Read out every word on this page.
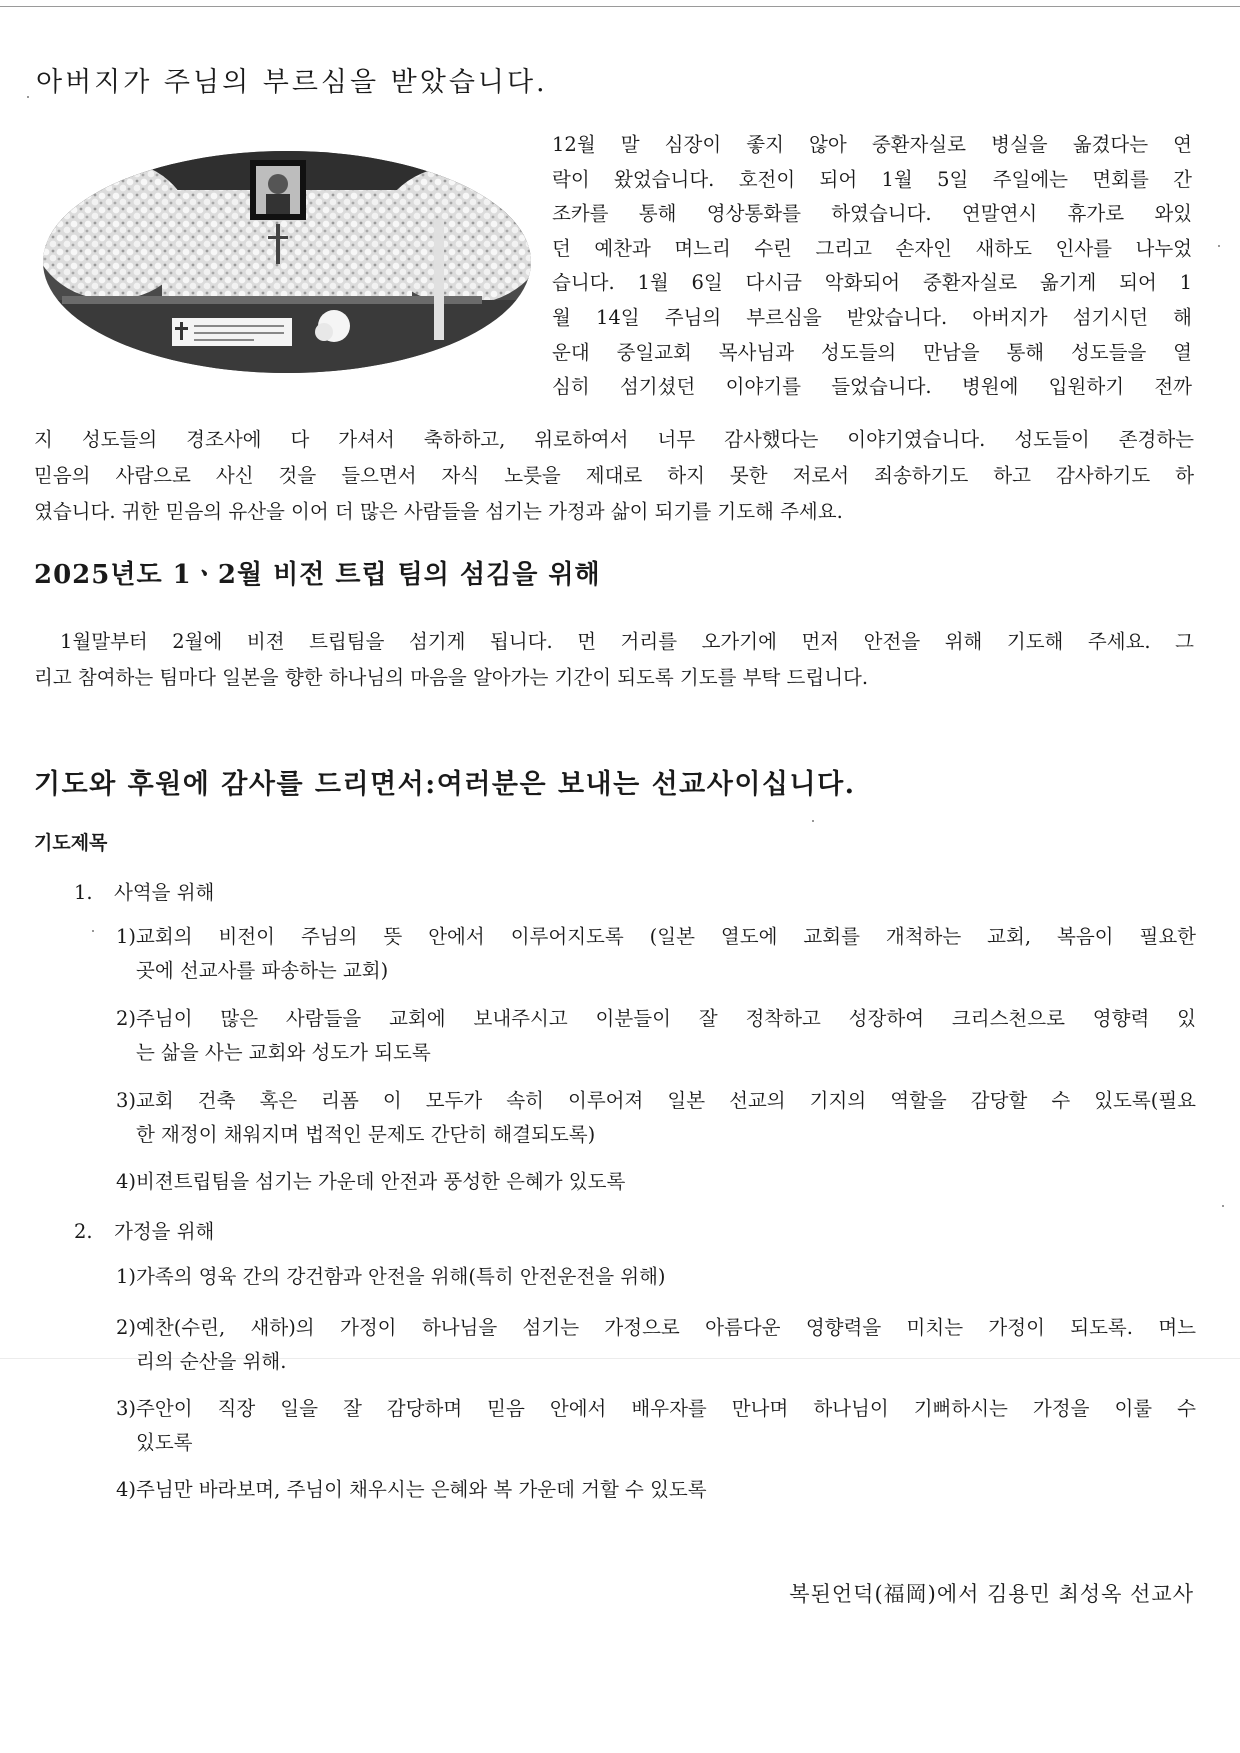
아버지가 주님의 부르심을 받았습니다.

12월 말 심장이 좋지 않아 중환자실로 병실을 옮겼다는 연
락이 왔었습니다. 호전이 되어 1월 5일 주일에는 면회를 간
조카를 통해 영상통화를 하였습니다. 연말연시 휴가로 와있
던 예찬과 며느리 수린 그리고 손자인 새하도 인사를 나누었
습니다. 1월 6일 다시금 악화되어 중환자실로 옮기게 되어 1
월 14일 주님의 부르심을 받았습니다. 아버지가 섬기시던 해
운대 중일교회 목사님과 성도들의 만남을 통해 성도들을 열
심히 섬기셨던 이야기를 들었습니다. 병원에 입원하기 전까

지 성도들의 경조사에 다 가셔서 축하하고, 위로하여서 너무 감사했다는 이야기였습니다. 성도들이 존경하는
믿음의 사람으로 사신 것을 들으면서 자식 노릇을 제대로 하지 못한 저로서 죄송하기도 하고 감사하기도 하
였습니다. 귀한 믿음의 유산을 이어 더 많은 사람들을 섬기는 가정과 삶이 되기를 기도해 주세요.

2025년도 1ㆍ2월 비전 트립 팀의 섬김을 위해

1월말부터 2월에 비젼 트립팀을 섬기게 됩니다. 먼 거리를 오가기에 먼저 안전을 위해 기도해 주세요. 그
리고 참여하는 팀마다 일본을 향한 하나님의 마음을 알아가는 기간이 되도록 기도를 부탁 드립니다.

기도와 후원에 감사를 드리면서:여러분은 보내는 선교사이십니다.
기도제목

1. 사역을 위해

1)교회의 비전이 주님의 뜻 안에서 이루어지도록 (일본 열도에 교회를 개척하는 교회, 복음이 필요한
곳에 선교사를 파송하는 교회)
2)주님이 많은 사람들을 교회에 보내주시고 이분들이 잘 정착하고 성장하여 크리스천으로 영향력 있
는 삶을 사는 교회와 성도가 되도록
3)교회 건축 혹은 리폼 이 모두가 속히 이루어져 일본 선교의 기지의 역할을 감당할 수 있도록(필요
한 재정이 채워지며 법적인 문제도 간단히 해결되도록)
4)비젼트립팀을 섬기는 가운데 안전과 풍성한 은혜가 있도록

2. 가정을 위해

1)가족의 영육 간의 강건함과 안전을 위해(특히 안전운전을 위해)
2)예찬(수린, 새하)의 가정이 하나님을 섬기는 가정으로 아름다운 영향력을 미치는 가정이 되도록. 며느
리의 순산을 위해.
3)주안이 직장 일을 잘 감당하며 믿음 안에서 배우자를 만나며 하나님이 기뻐하시는 가정을 이룰 수
있도록
4)주님만 바라보며, 주님이 채우시는 은혜와 복 가운데 거할 수 있도록

복된언덕(福岡)에서 김용민 최성옥 선교사
